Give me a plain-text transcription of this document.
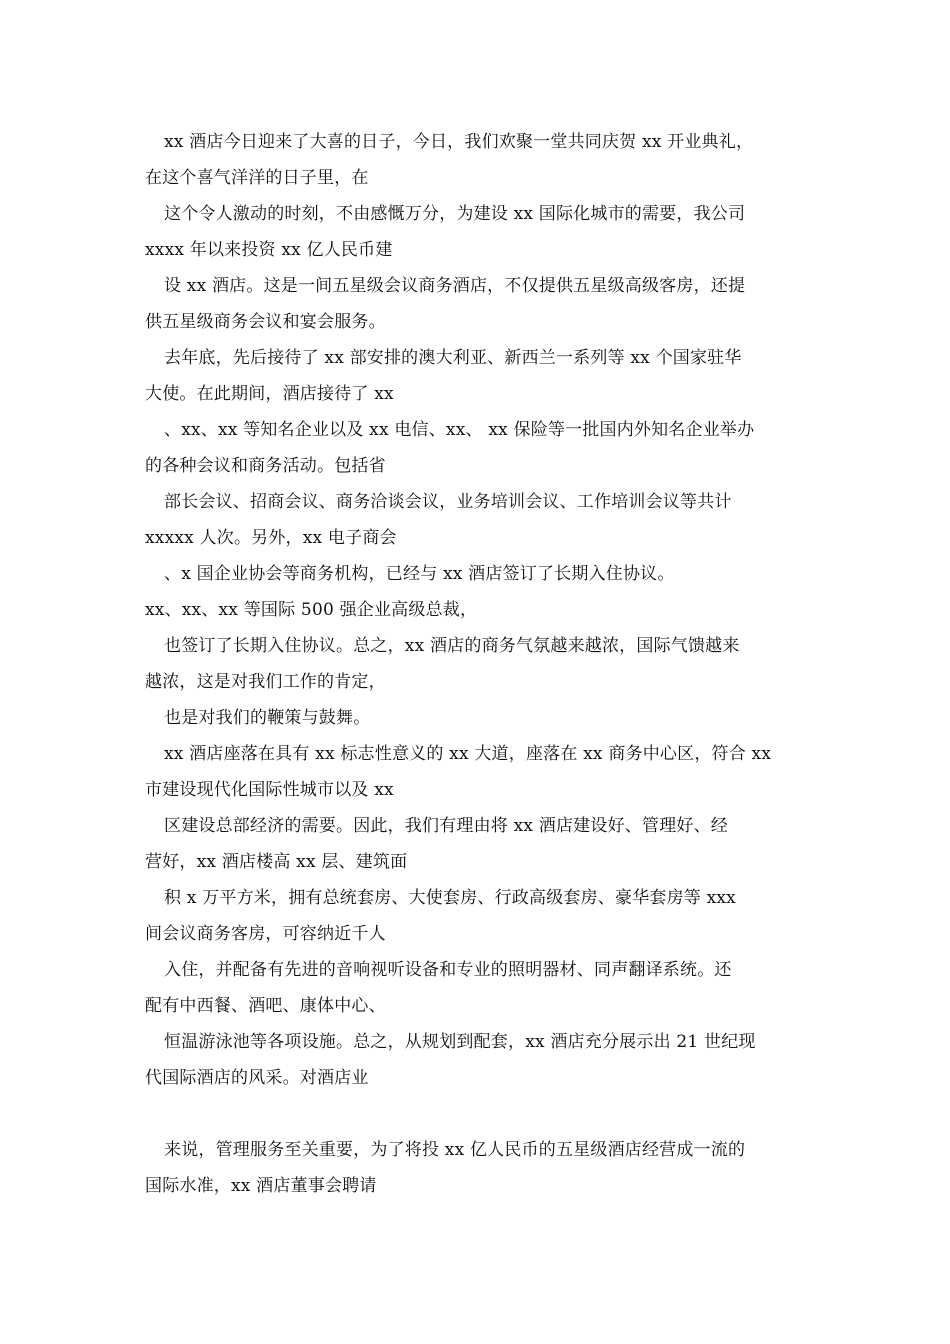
xx 酒店今日迎来了大喜的日子，今日，我们欢聚一堂共同庆贺 xx 开业典礼，
在这个喜气洋洋的日子里，在

这个令人激动的时刻，不由感慨万分，为建设 xx 国际化城市的需要，我公司
xxxx 年以来投资 xx 亿人民币建

设 xx 酒店。这是一间五星级会议商务酒店，不仅提供五星级高级客房，还提
供五星级商务会议和宴会服务。

去年底，先后接待了 xx 部安排的澳大利亚、新西兰一系列等 xx 个国家驻华
大使。在此期间，酒店接待了 xx

、xx、xx 等知名企业以及 xx 电信、xx、 xx 保险等一批国内外知名企业举办
的各种会议和商务活动。包括省

部长会议、招商会议、商务洽谈会议，业务培训会议、工作培训会议等共计
xxxxx 人次。另外，xx 电子商会

、x 国企业协会等商务机构，已经与 xx 酒店签订了长期入住协议。
xx、xx、xx 等国际 500 强企业高级总裁，

也签订了长期入住协议。总之，xx 酒店的商务气氛越来越浓，国际气馈越来
越浓，这是对我们工作的肯定，

也是对我们的鞭策与鼓舞。

xx 酒店座落在具有 xx 标志性意义的 xx 大道，座落在 xx 商务中心区，符合 xx
市建设现代化国际性城市以及 xx

区建设总部经济的需要。因此，我们有理由将 xx 酒店建设好、管理好、经
营好，xx 酒店楼高 xx 层、建筑面

积 x 万平方米，拥有总统套房、大使套房、行政高级套房、豪华套房等 xxx
间会议商务客房，可容纳近千人

入住，并配备有先进的音响视听设备和专业的照明器材、同声翻译系统。还
配有中西餐、酒吧、康体中心、

恒温游泳池等各项设施。总之，从规划到配套，xx 酒店充分展示出 21 世纪现
代国际酒店的风采。对酒店业

来说，管理服务至关重要，为了将投 xx 亿人民币的五星级酒店经营成一流的
国际水准，xx 酒店董事会聘请
